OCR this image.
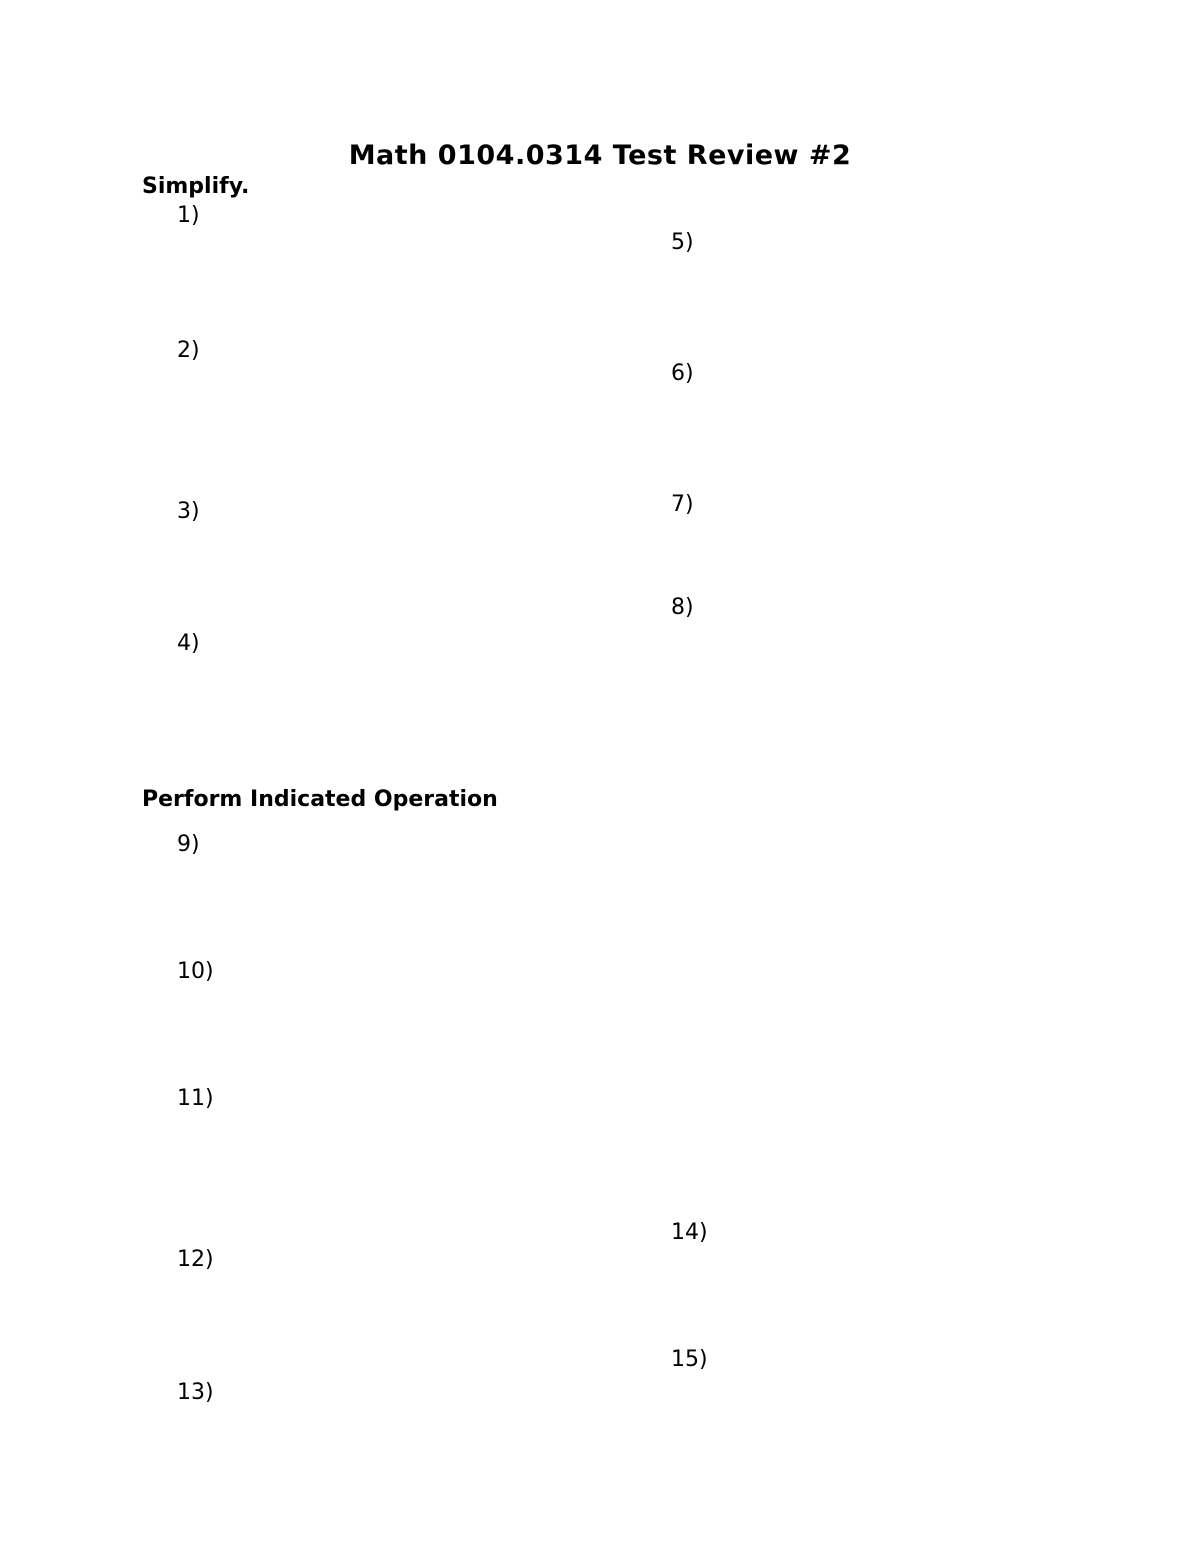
Math 0104.0314 Test Review #2
Simplify.
1)
2)
3)
4)
5)
6)
7)
8)
Perform Indicated Operation
9)
10)
11)
12)
13)
14)
15)
